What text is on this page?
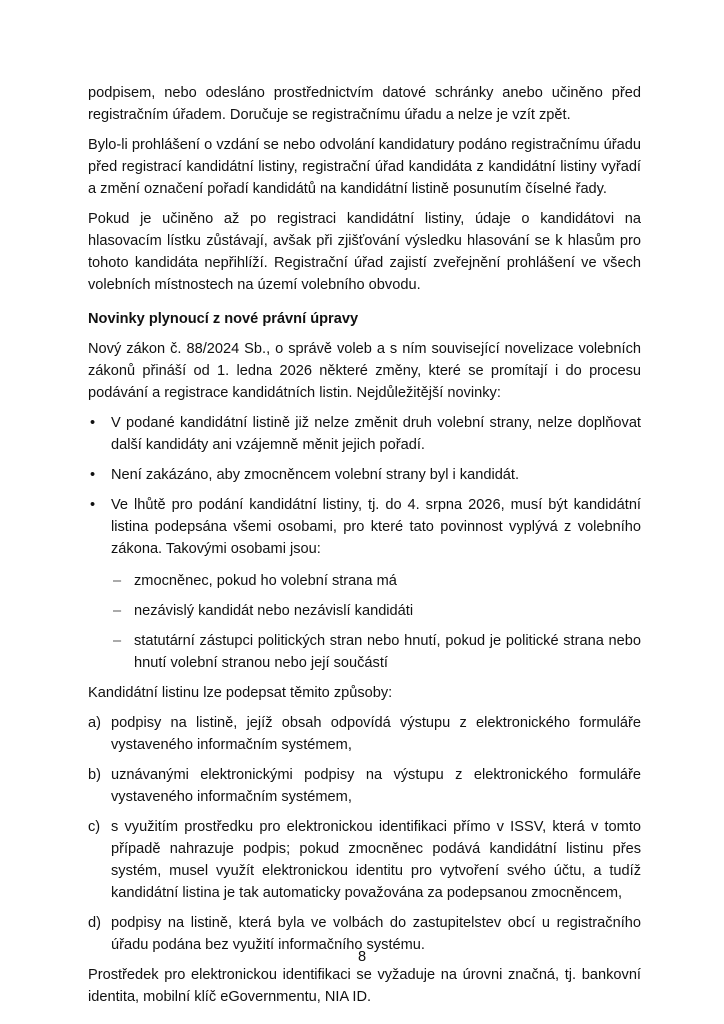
podpisem, nebo odesláno prostřednictvím datové schránky anebo učiněno před registračním úřadem. Doručuje se registračnímu úřadu a nelze je vzít zpět.

Bylo-li prohlášení o vzdání se nebo odvolání kandidatury podáno registračnímu úřadu před registrací kandidátní listiny, registrační úřad kandidáta z kandidátní listiny vyřadí a změní označení pořadí kandidátů na kandidátní listině posunutím číselné řady.

Pokud je učiněno až po registraci kandidátní listiny, údaje o kandidátovi na hlasovacím lístku zůstávají, avšak při zjišťování výsledku hlasování se k hlasům pro tohoto kandidáta nepřihlíží. Registrační úřad zajistí zveřejnění prohlášení ve všech volebních místnostech na území volebního obvodu.

Novinky plynoucí z nové právní úpravy

Nový zákon č. 88/2024 Sb., o správě voleb a s ním související novelizace volebních zákonů přináší od 1. ledna 2026 některé změny, které se promítají i do procesu podávání a registrace kandidátních listin. Nejdůležitější novinky:

• V podané kandidátní listině již nelze změnit druh volební strany, nelze doplňovat další kandidáty ani vzájemně měnit jejich pořadí.
• Není zakázáno, aby zmocněncem volební strany byl i kandidát.
• Ve lhůtě pro podání kandidátní listiny, tj. do 4. srpna 2026, musí být kandidátní listina podepsána všemi osobami, pro které tato povinnost vyplývá z volebního zákona. Takovými osobami jsou:
– zmocněnec, pokud ho volební strana má
– nezávislý kandidát nebo nezávislí kandidáti
– statutární zástupci politických stran nebo hnutí, pokud je politické strana nebo hnutí volební stranou nebo její součástí

Kandidátní listinu lze podepsat těmito způsoby:

a) podpisy na listině, jejíž obsah odpovídá výstupu z elektronického formuláře vystaveného informačním systémem,
b) uznávanými elektronickými podpisy na výstupu z elektronického formuláře vystaveného informačním systémem,
c) s využitím prostředku pro elektronickou identifikaci přímo v ISSV, která v tomto případě nahrazuje podpis; pokud zmocněnec podává kandidátní listinu přes systém, musel využít elektronickou identitu pro vytvoření svého účtu, a tudíž kandidátní listina je tak automaticky považována za podepsanou zmocněncem,
d) podpisy na listině, která byla ve volbách do zastupitelstev obcí u registračního úřadu podána bez využití informačního systému.

Prostředek pro elektronickou identifikaci se vyžaduje na úrovni značná, tj. bankovní identita, mobilní klíč eGovernmentu, NIA ID.

8
